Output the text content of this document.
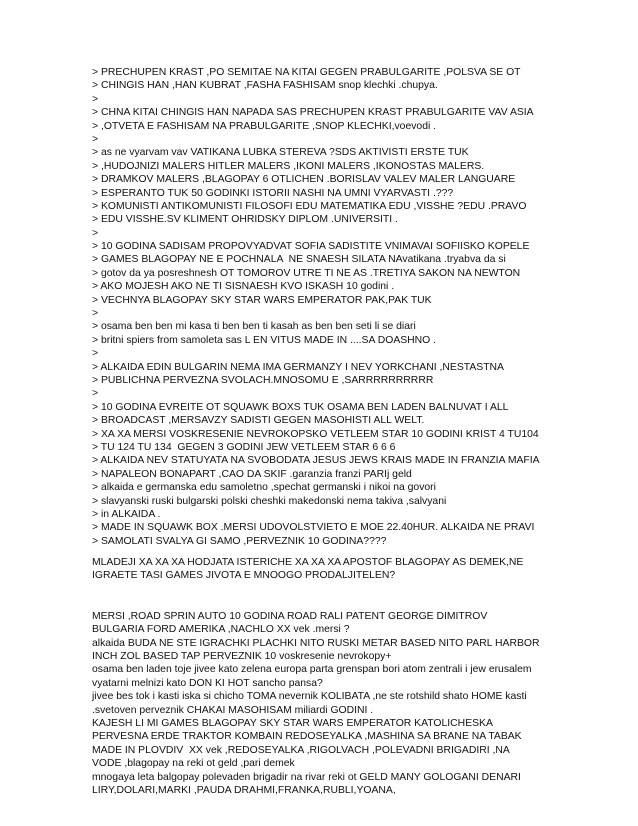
> PRECHUPEN KRAST ,PO SEMITAE NA KITAI GEGEN PRABULGARITE ,POLSVA SE OT
> CHINGIS HAN ,HAN KUBRAT ,FASHA FASHISAM snop klechki .chupya.
>
> CHNA KITAI CHINGIS HAN NAPADA SAS PRECHUPEN KRAST PRABULGARITE VAV ASIA
> ,OTVETA E FASHISAM NA PRABULGARITE ,SNOP KLECHKI,voevodi .
>
> as ne vyarvam vav VATIKANA LUBKA STEREVA ?SDS AKTIVISTI ERSTE TUK
> ,HUDOJNIZI MALERS HITLER MALERS ,IKONI MALERS ,IKONOSTAS MALERS.
> DRAMKOV MALERS ,BLAGOPAY 6 OTLICHEN .BORISLAV VALEV MALER LANGUARE
> ESPERANTO TUK 50 GODINKI ISTORII NASHI NA UMNI VYARVASTI .???
> KOMUNISTI ANTIKOMUNISTI FILOSOFI EDU MATEMATIKA EDU ,VISSHE ?EDU .PRAVO
> EDU VISSHE.SV KLIMENT OHRIDSKY DIPLOM .UNIVERSITI .
>
> 10 GODINA SADISAM PROPOVYADVAT SOFIA SADISTITE VNIMAVAI SOFIISKO KOPELE
> GAMES BLAGOPAY NE E POCHNALA  NE SNAESH SILATA NAvatikana .tryabva da si
> gotov da ya posreshnesh OT TOMOROV UTRE TI NE AS .TRETIYA SAKON NA NEWTON
> AKO MOJESH AKO NE TI SISNAESH KVO ISKASH 10 godini .
> VECHNYA BLAGOPAY SKY STAR WARS EMPERATOR PAK,PAK TUK
>
> osama ben ben mi kasa ti ben ben ti kasah as ben ben seti li se diari
> britni spiers from samoleta sas L EN VITUS MADE IN ....SA DOASHNO .
>
> ALKAIDA EDIN BULGARIN NEMA IMA GERMANZY I NEV YORKCHANI ,NESTASTNA
> PUBLICHNA PERVEZNA SVOLACH.MNOSOMU E ,SARRRRRRRRRR
>
> 10 GODINA EVREITE OT SQUAWK BOXS TUK OSAMA BEN LADEN BALNUVAT I ALL
> BROADCAST ,MERSAVZY SADISTI GEGEN MASOHISTI ALL WELT.
> XA XA MERSI VOSKRESENIE NEVROKOPSKO VETLEEM STAR 10 GODINI KRIST 4 TU104
> TU 124 TU 134  GEGEN 3 GODINI JEW VETLEEM STAR 6 6 6
> ALKAIDA NEV STATUYATA NA SVOBODATA JESUS JEWS KRAIS MADE IN FRANZIA MAFIA
> NAPALEON BONAPART ,CAO DA SKIF .garanzia franzi PARIj geld
> alkaida e germanska edu samoletno ,spechat germanski i nikoi na govori
> slavyanski ruski bulgarski polski cheshki makedonski nema takiva ,salvyani
> in ALKAIDA .
> MADE IN SQUAWK BOX .MERSI UDOVOLSTVIETO E MOE 22.40HUR. ALKAIDA NE PRAVI
> SAMOLATI SVALYA GI SAMO ,PERVEZNIK 10 GODINA????
MLADEJI XA XA XA HODJATA ISTERICHE XA XA XA APOSTOF BLAGOPAY AS DEMEK,NE
IGRAETE TASI GAMES JIVOTA E MNOOGO PRODALJITELEN?
MERSI ,ROAD SPRIN AUTO 10 GODINA ROAD RALI PATENT GEORGE DIMITROV
BULGARIA FORD AMERIKA ,NACHLO XX vek .mersi ?
alkaida BUDA NE STE IGRACHKI PLACHKI NITO RUSKI METAR BASED NITO PARL HARBOR
INCH ZOL BASED TAP PERVEZNIK 10 voskresenie nevrokopy+
osama ben laden toje jivee kato zelena europa parta grenspan bori atom zentrali i jew erusalem
vyatarni melnizi kato DON KI HOT sancho pansa?
jivee bes tok i kasti iska si chicho TOMA nevernik KOLIBATA ,ne ste rotshild shato HOME kasti
.svetoven perveznik CHAKAI MASOHISAM miliardi GODINI .
KAJESH LI MI GAMES BLAGOPAY SKY STAR WARS EMPERATOR KATOLICHESKA
PERVESNA ERDE TRAKTOR KOMBAIN REDOSEYALKA ,MASHINA SA BRANE NA TABAK
MADE IN PLOVDIV  XX vek ,REDOSEYALKA ,RIGOLVACH ,POLEVADNI BRIGADIRI ,NA
VODE ,blagopay na reki ot geld ,pari demek
mnogaya leta balgopay polevaden brigadir na rivar reki ot GELD MANY GOLOGANI DENARI
LIRY,DOLARI,MARKI ,PAUDA DRAHMI,FRANKA,RUBLI,YOANA,
